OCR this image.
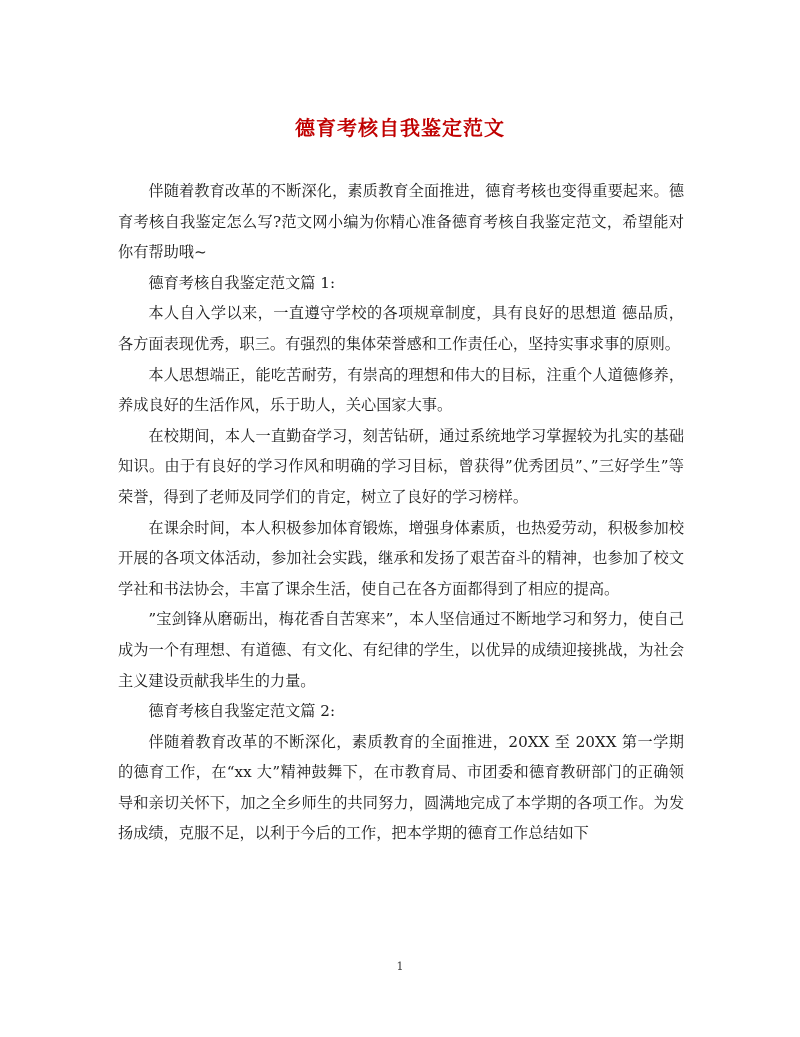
德育考核自我鉴定范文

伴随着教育改革的不断深化，素质教育全面推进，德育考核也变得重要起来。德育考核自我鉴定怎么写?范文网小编为你精心准备德育考核自我鉴定范文，希望能对你有帮助哦~

德育考核自我鉴定范文篇 1:

本人自入学以来，一直遵守学校的各项规章制度，具有良好的思想道 德品质，各方面表现优秀，职三。有强烈的集体荣誉感和工作责任心，坚持实事求事的原则。

本人思想端正，能吃苦耐劳，有崇高的理想和伟大的目标，注重个人道德修养，养成良好的生活作风，乐于助人，关心国家大事。

在校期间，本人一直勤奋学习，刻苦钻研，通过系统地学习掌握较为扎实的基础知识。由于有良好的学习作风和明确的学习目标，曾获得”优秀团员”、”三好学生”等荣誉，得到了老师及同学们的肯定，树立了良好的学习榜样。

在课余时间，本人积极参加体育锻炼，增强身体素质，也热爱劳动，积极参加校开展的各项文体活动，参加社会实践，继承和发扬了艰苦奋斗的精神，也参加了校文学社和书法协会，丰富了课余生活，使自己在各方面都得到了相应的提高。

”宝剑锋从磨砺出，梅花香自苦寒来”，本人坚信通过不断地学习和努力，使自己成为一个有理想、有道德、有文化、有纪律的学生，以优异的成绩迎接挑战，为社会主义建设贡献我毕生的力量。

德育考核自我鉴定范文篇 2:

伴随着教育改革的不断深化，素质教育的全面推进，20XX 至 20XX 第一学期的德育工作，在“xx 大”精神鼓舞下，在市教育局、市团委和德育教研部门的正确领导和亲切关怀下，加之全乡师生的共同努力，圆满地完成了本学期的各项工作。为发扬成绩，克服不足，以利于今后的工作，把本学期的德育工作总结如下

1
